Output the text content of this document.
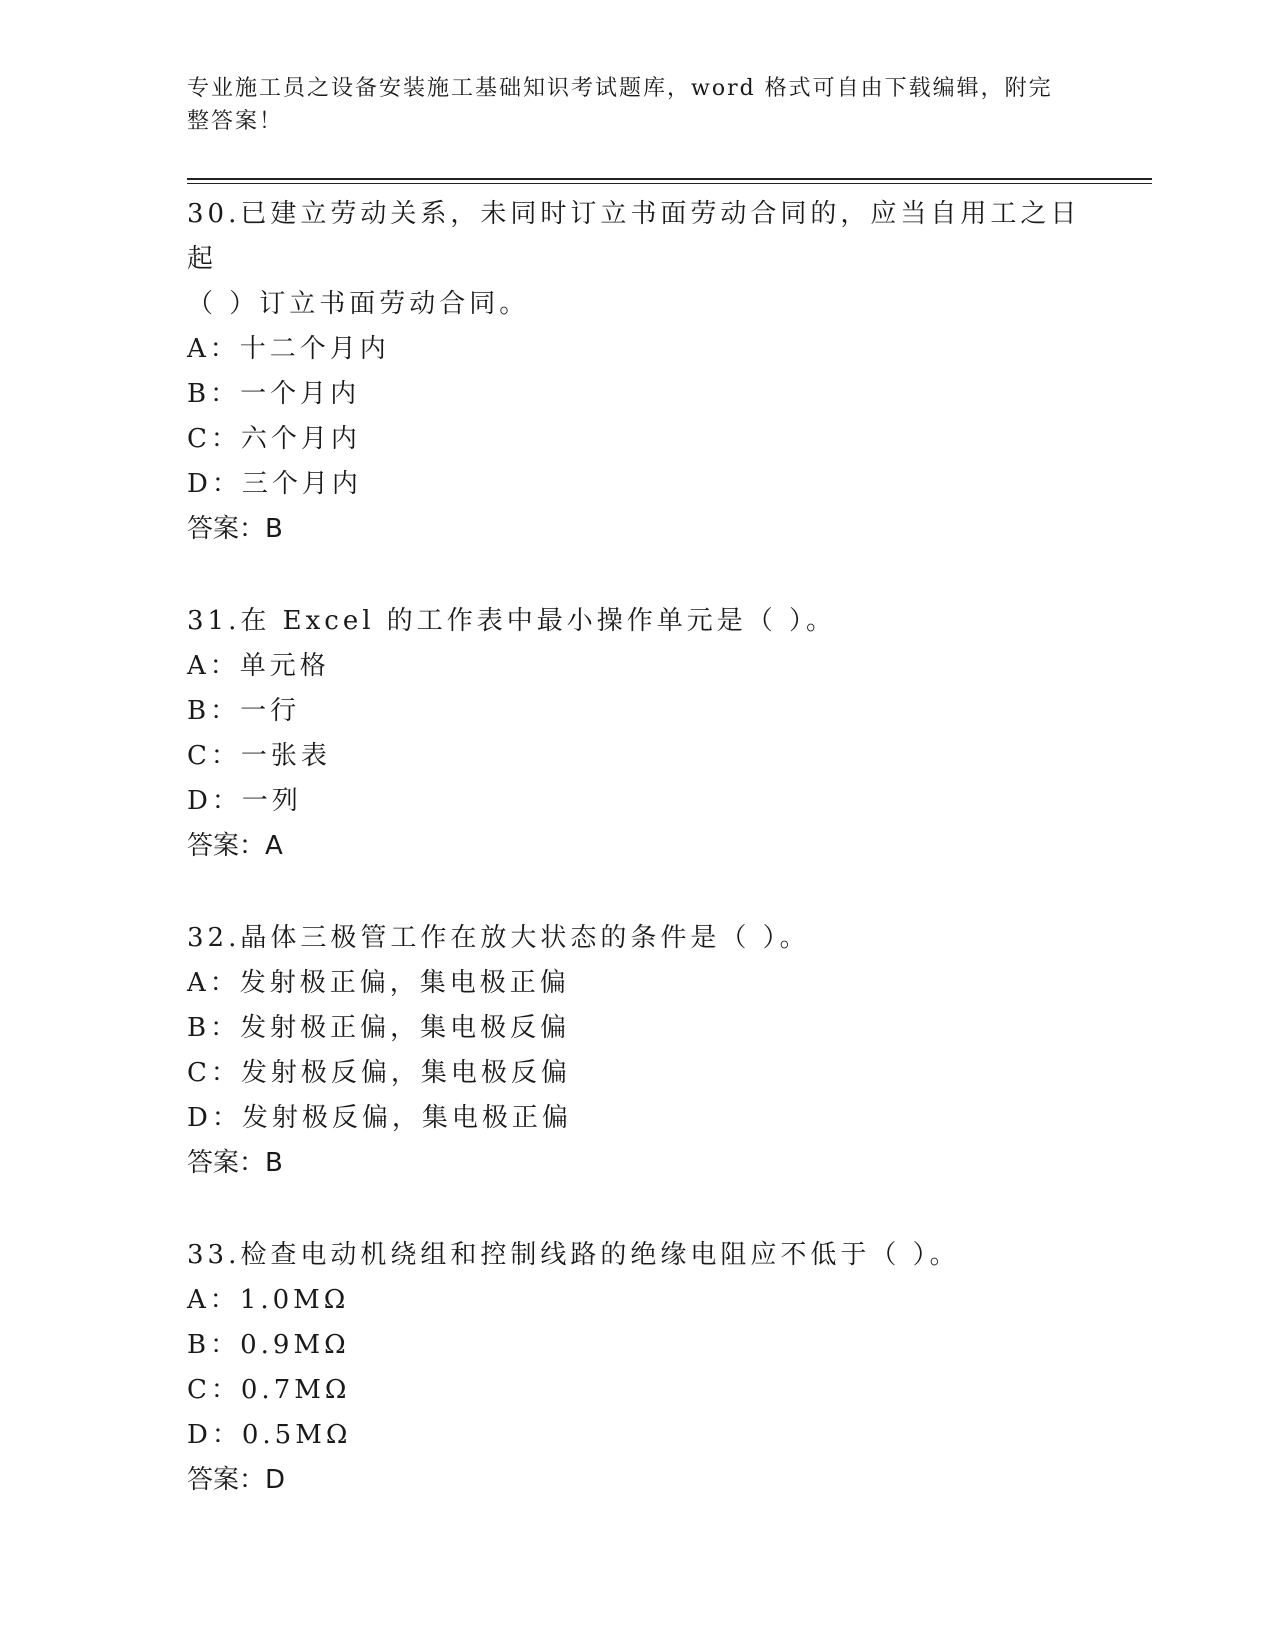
专业施工员之设备安装施工基础知识考试题库，word 格式可自由下载编辑，附完
整答案！

30.已建立劳动关系，未同时订立书面劳动合同的，应当自用工之日起

（ ）订立书面劳动合同。

A：十二个月内

B：一个月内

C：六个月内

D：三个月内

答案：B

31.在 Excel 的工作表中最小操作单元是（ ）。

A：单元格

B：一行

C：一张表

D：一列

答案：A

32.晶体三极管工作在放大状态的条件是（ ）。

A：发射极正偏，集电极正偏

B：发射极正偏，集电极反偏

C：发射极反偏，集电极反偏

D：发射极反偏，集电极正偏

答案：B

33.检查电动机绕组和控制线路的绝缘电阻应不低于（ ）。

A：1.0MΩ

B：0.9MΩ

C：0.7MΩ

D：0.5MΩ

答案：D
